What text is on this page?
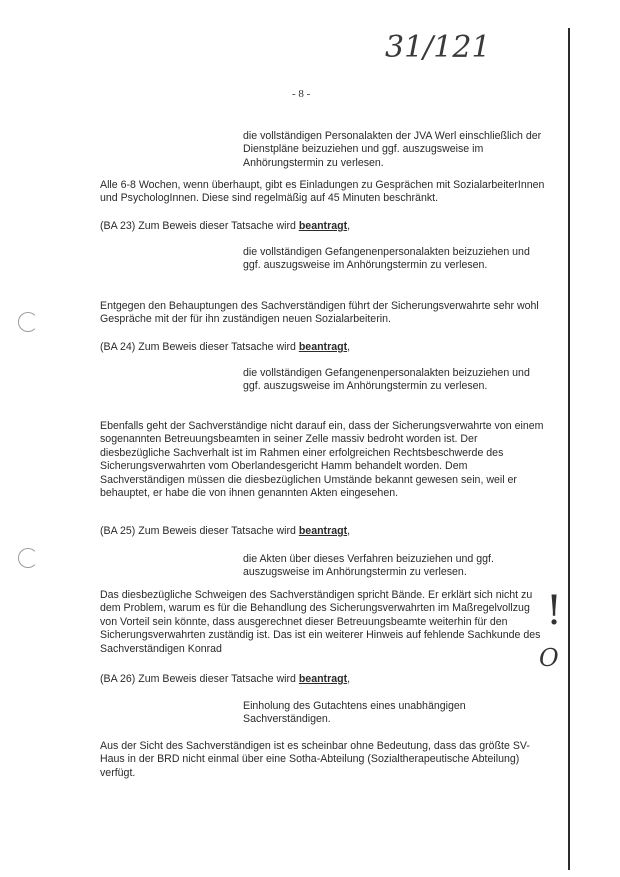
31/121
- 8 -

die vollständigen Personalakten der JVA Werl einschließlich der Dienstpläne beizuziehen und ggf. auszugsweise im Anhörungstermin zu verlesen.

Alle 6-8 Wochen, wenn überhaupt, gibt es Einladungen zu Gesprächen mit SozialarbeiterInnen und PsychologInnen. Diese sind regelmäßig auf 45 Minuten beschränkt.

(BA 23) Zum Beweis dieser Tatsache wird beantragt,

die vollständigen Gefangenenpersonalakten beizuziehen und ggf. auszugsweise im Anhörungstermin zu verlesen.

Entgegen den Behauptungen des Sachverständigen führt der Sicherungsverwahrte sehr wohl Gespräche mit der für ihn zuständigen neuen Sozialarbeiterin.

(BA 24) Zum Beweis dieser Tatsache wird beantragt,

die vollständigen Gefangenenpersonalakten beizuziehen und ggf. auszugsweise im Anhörungstermin zu verlesen.

Ebenfalls geht der Sachverständige nicht darauf ein, dass der Sicherungsverwahrte von einem sogenannten Betreuungsbeamten in seiner Zelle massiv bedroht worden ist. Der diesbezügliche Sachverhalt ist im Rahmen einer erfolgreichen Rechtsbeschwerde des Sicherungsverwahrten vom Oberlandesgericht Hamm behandelt worden. Dem Sachverständigen müssen die diesbezüglichen Umstände bekannt gewesen sein, weil er behauptet, er habe die von ihnen genannten Akten eingesehen.

(BA 25) Zum Beweis dieser Tatsache wird beantragt,

die Akten über dieses Verfahren beizuziehen und ggf. auszugsweise im Anhörungstermin zu verlesen.

Das diesbezügliche Schweigen des Sachverständigen spricht Bände. Er erklärt sich nicht zu dem Problem, warum es für die Behandlung des Sicherungsverwahrten im Maßregelvollzug von Vorteil sein könnte, dass ausgerechnet dieser Betreuungsbeamte weiterhin für den Sicherungsverwahrten zuständig ist. Das ist ein weiterer Hinweis auf fehlende Sachkunde des Sachverständigen Konrad

(BA 26) Zum Beweis dieser Tatsache wird beantragt,

Einholung des Gutachtens eines unabhängigen Sachverständigen.

Aus der Sicht des Sachverständigen ist es scheinbar ohne Bedeutung, dass das größte SV-Haus in der BRD nicht einmal über eine Sotha-Abteilung (Sozialtherapeutische Abteilung) verfügt.

!
O
